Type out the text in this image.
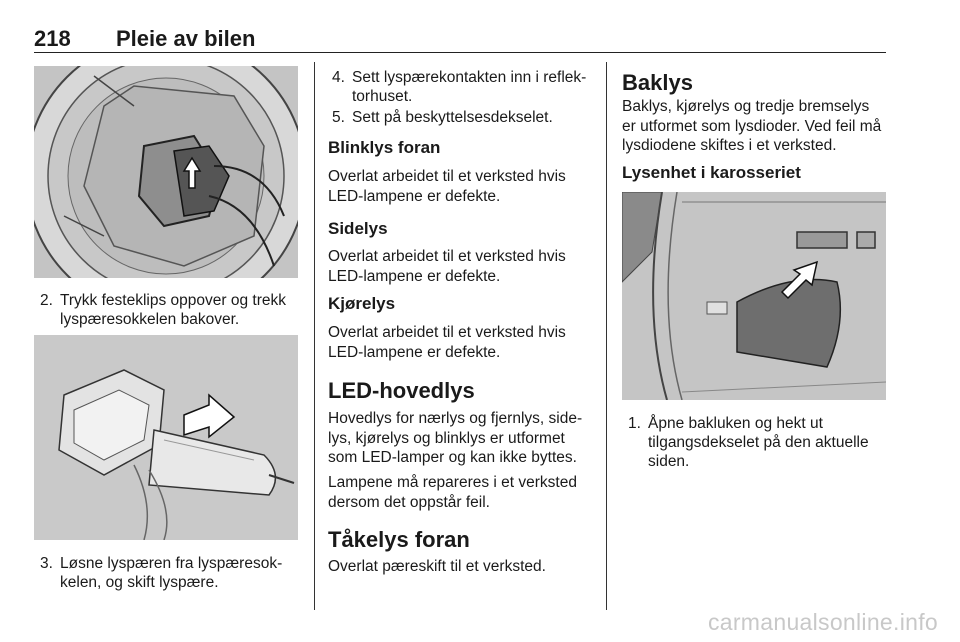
218 Pleie av bilen
2. Trykk festeklips oppover og trekk
lyspæresokkelen bakover.
3. Løsne lyspæren fra lyspæresok-
kelen, og skift lyspære.
4. Sett lyspærekontakten inn i reflek-
torhuset.
5. Sett på beskyttelsesdekselet.
Blinklys foran
Overlat arbeidet til et verksted hvis
LED-lampene er defekte.
Sidelys
Overlat arbeidet til et verksted hvis
LED-lampene er defekte.
Kjørelys
Overlat arbeidet til et verksted hvis
LED-lampene er defekte.
LED-hovedlys
Hovedlys for nærlys og fjernlys, side-
lys, kjørelys og blinklys er utformet
som LED-lamper og kan ikke byttes.
Lampene må repareres i et verksted
dersom det oppstår feil.
Tåkelys foran
Overlat pæreskift til et verksted.
Baklys
Baklys, kjørelys og tredje bremselys
er utformet som lysdioder. Ved feil må
lysdiodene skiftes i et verksted.
Lysenhet i karosseriet
1. Åpne bakluken og hekt ut
tilgangsdekselet på den aktuelle
siden.
carmanualsonline.info
